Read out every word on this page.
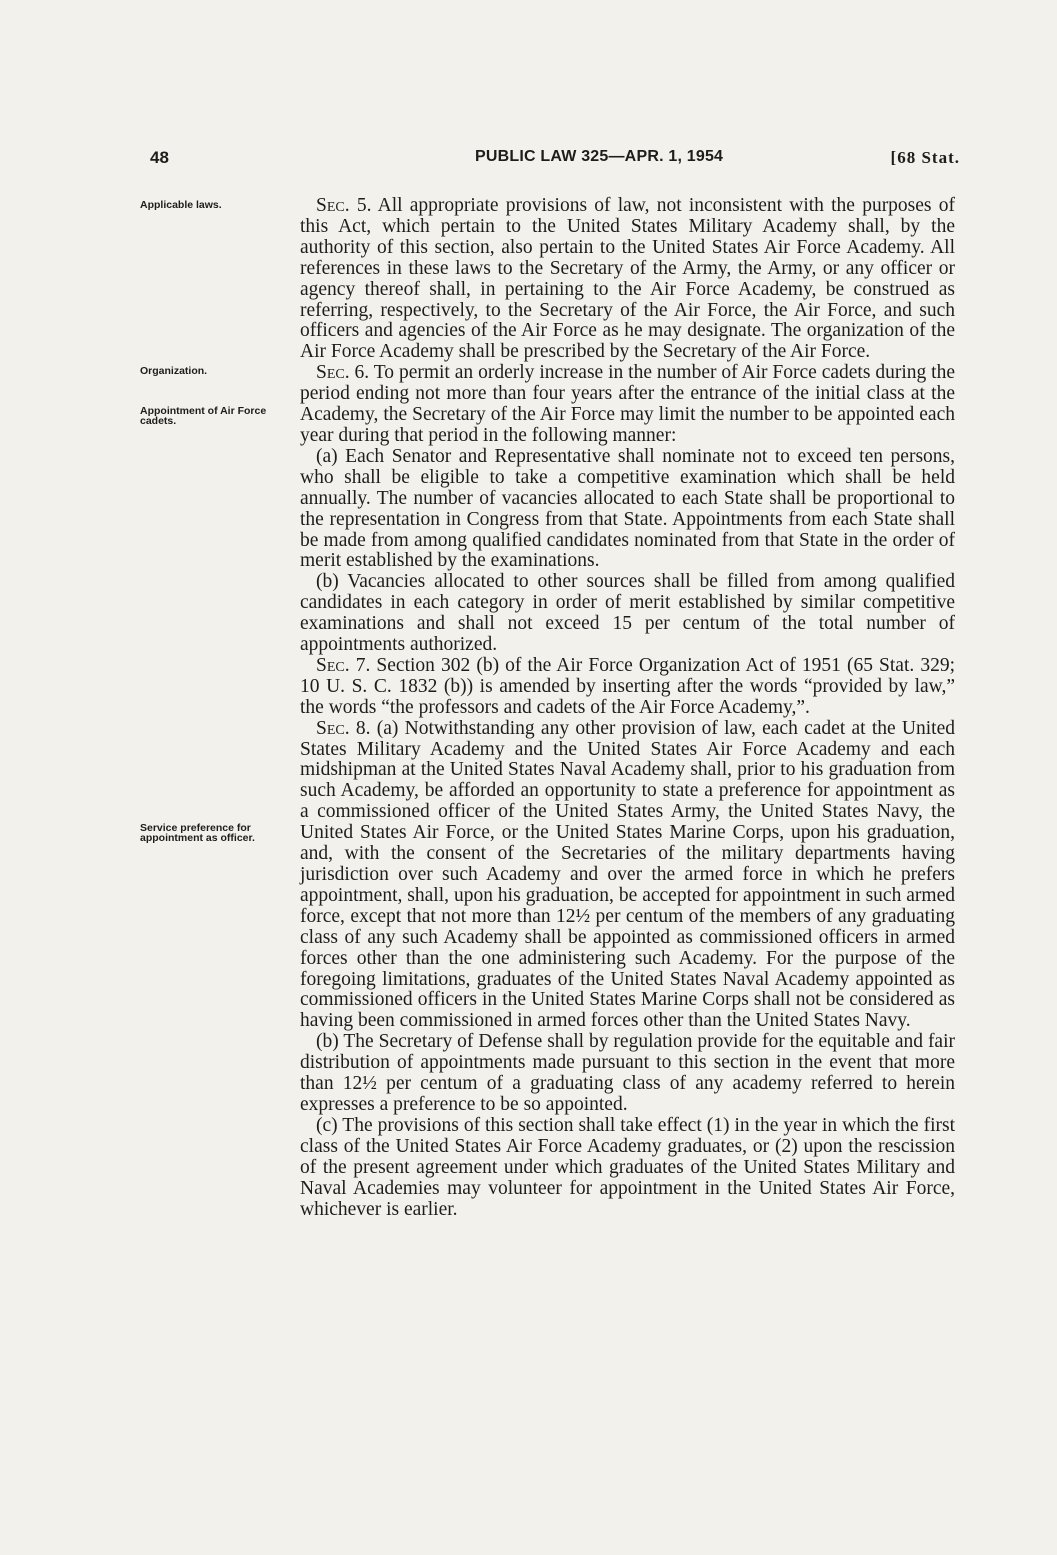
48	PUBLIC LAW 325—APR. 1, 1954	[68 Stat.
Applicable laws.
Organization.
Appointment of Air Force cadets.
Service preference for appointment as officer.

Sec. 5. All appropriate provisions of law, not inconsistent with the purposes of this Act, which pertain to the United States Military Academy shall, by the authority of this section, also pertain to the United States Air Force Academy. All references in these laws to the Secretary of the Army, the Army, or any officer or agency thereof shall, in pertaining to the Air Force Academy, be construed as referring, respectively, to the Secretary of the Air Force, the Air Force, and such officers and agencies of the Air Force as he may designate. The organization of the Air Force Academy shall be prescribed by the Secretary of the Air Force.

Sec. 6. To permit an orderly increase in the number of Air Force cadets during the period ending not more than four years after the entrance of the initial class at the Academy, the Secretary of the Air Force may limit the number to be appointed each year during that period in the following manner:

(a) Each Senator and Representative shall nominate not to exceed ten persons, who shall be eligible to take a competitive examination which shall be held annually. The number of vacancies allocated to each State shall be proportional to the representation in Congress from that State. Appointments from each State shall be made from among qualified candidates nominated from that State in the order of merit established by the examinations.

(b) Vacancies allocated to other sources shall be filled from among qualified candidates in each category in order of merit established by similar competitive examinations and shall not exceed 15 per centum of the total number of appointments authorized.

Sec. 7. Section 302 (b) of the Air Force Organization Act of 1951 (65 Stat. 329; 10 U. S. C. 1832 (b)) is amended by inserting after the words “provided by law,” the words “the professors and cadets of the Air Force Academy,”.

Sec. 8. (a) Notwithstanding any other provision of law, each cadet at the United States Military Academy and the United States Air Force Academy and each midshipman at the United States Naval Academy shall, prior to his graduation from such Academy, be afforded an opportunity to state a preference for appointment as a commissioned officer of the United States Army, the United States Navy, the United States Air Force, or the United States Marine Corps, upon his graduation, and, with the consent of the Secretaries of the military departments having jurisdiction over such Academy and over the armed force in which he prefers appointment, shall, upon his graduation, be accepted for appointment in such armed force, except that not more than 12½ per centum of the members of any graduating class of any such Academy shall be appointed as commissioned officers in armed forces other than the one administering such Academy. For the purpose of the foregoing limitations, graduates of the United States Naval Academy appointed as commissioned officers in the United States Marine Corps shall not be considered as having been commissioned in armed forces other than the United States Navy.

(b) The Secretary of Defense shall by regulation provide for the equitable and fair distribution of appointments made pursuant to this section in the event that more than 12½ per centum of a graduating class of any academy referred to herein expresses a preference to be so appointed.

(c) The provisions of this section shall take effect (1) in the year in which the first class of the United States Air Force Academy graduates, or (2) upon the rescission of the present agreement under which graduates of the United States Military and Naval Academies may volunteer for appointment in the United States Air Force, whichever is earlier.
